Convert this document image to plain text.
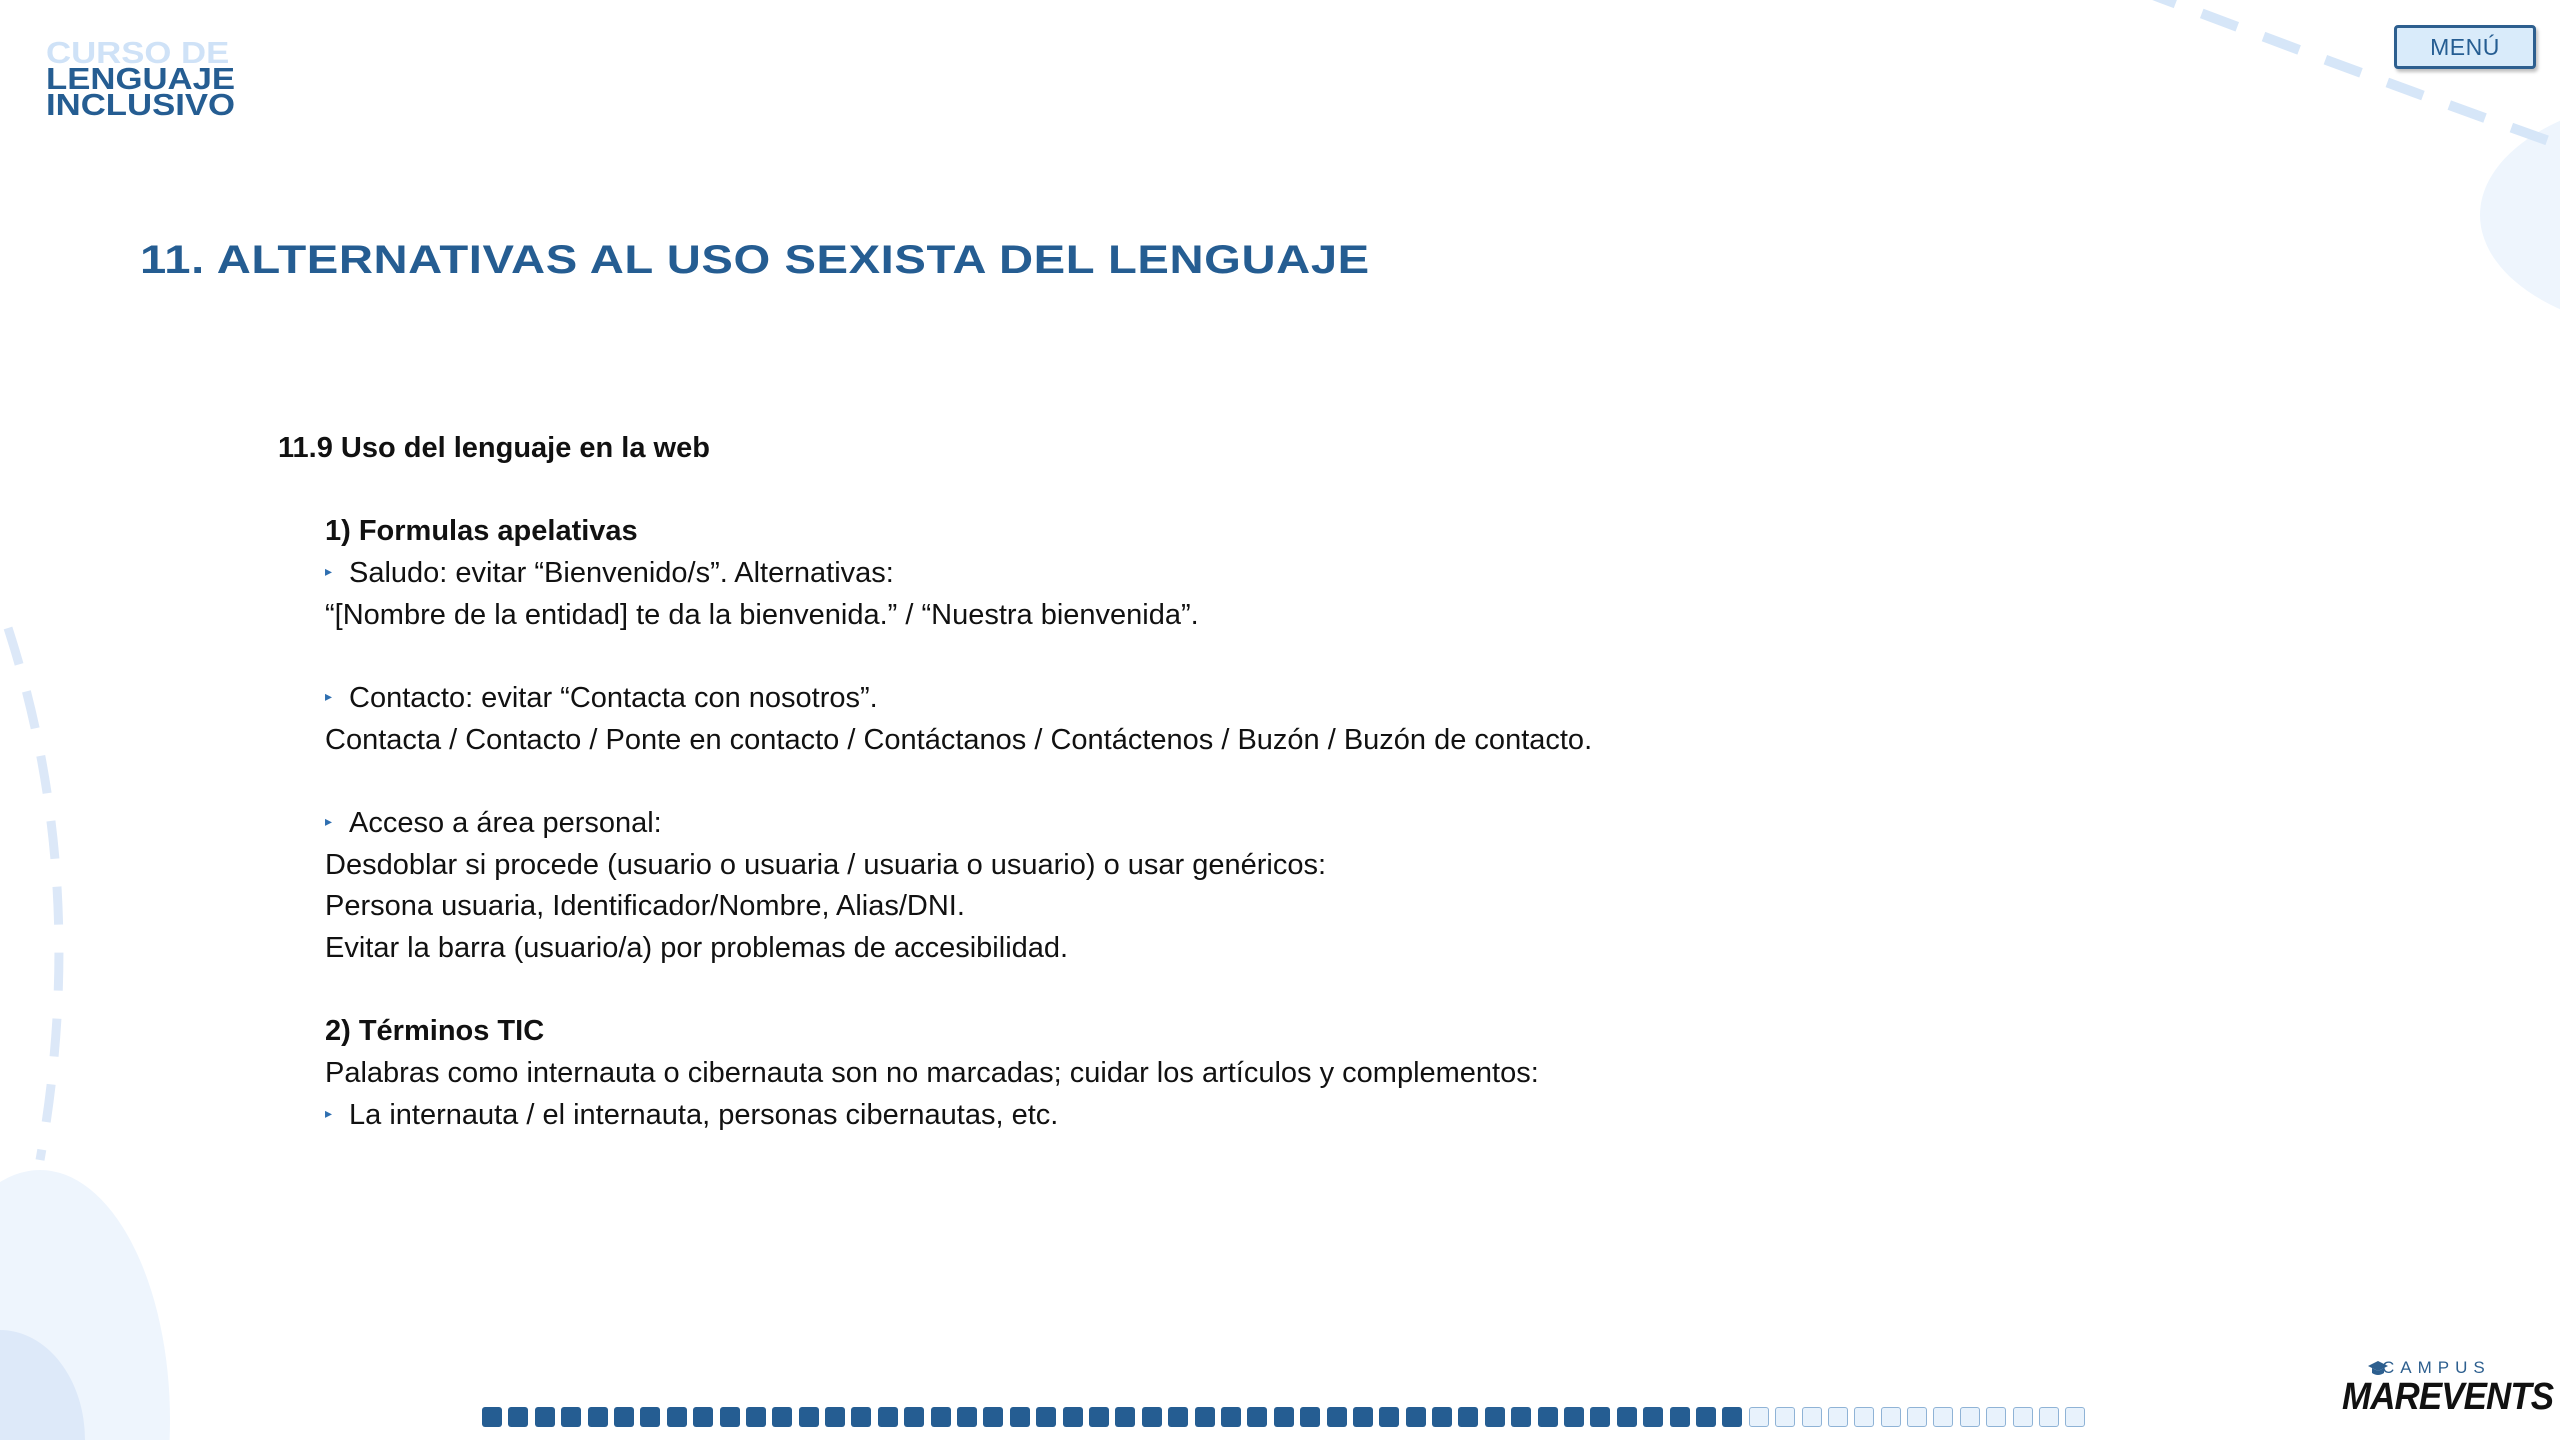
CURSO DE
LENGUAJE
INCLUSIVO
MENÚ
11. ALTERNATIVAS AL USO SEXISTA DEL LENGUAJE
11.9 Uso del lenguaje en la web
1) Formulas apelativas
▸ Saludo: evitar “Bienvenido/s”. Alternativas:
“[Nombre de la entidad] te da la bienvenida.” / “Nuestra bienvenida”.
▸ Contacto: evitar “Contacta con nosotros”.
Contacta / Contacto / Ponte en contacto / Contáctanos / Contáctenos / Buzón / Buzón de contacto.
▸ Acceso a área personal:
Desdoblar si procede (usuario o usuaria / usuaria o usuario) o usar genéricos:
Persona usuaria, Identificador/Nombre, Alias/DNI.
Evitar la barra (usuario/a) por problemas de accesibilidad.
2) Términos TIC
Palabras como internauta o cibernauta son no marcadas; cuidar los artículos y complementos:
▸ La internauta / el internauta, personas cibernautas, etc.
CAMPUS
MAREVENTS
